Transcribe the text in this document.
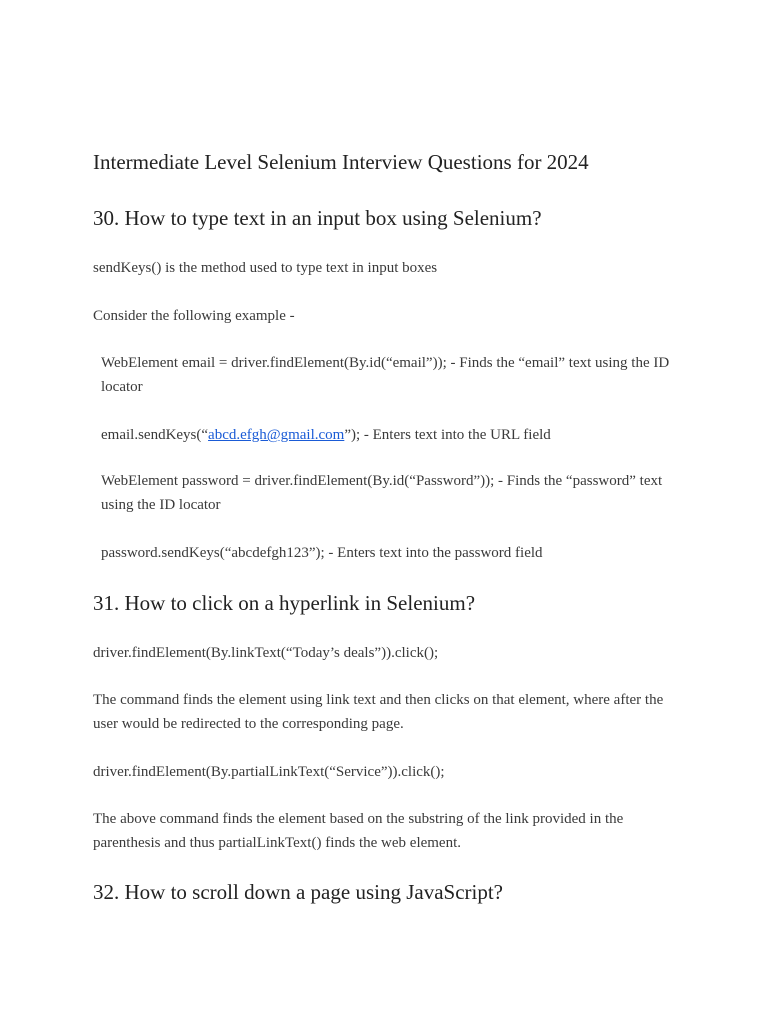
Intermediate Level Selenium Interview Questions for 2024
30. How to type text in an input box using Selenium?

sendKeys() is the method used to type text in input boxes

Consider the following example -

WebElement email = driver.findElement(By.id(“email”)); - Finds the “email” text using the ID locator

email.sendKeys(“abcd.efgh@gmail.com”); - Enters text into the URL field

WebElement password = driver.findElement(By.id(“Password”)); - Finds the “password” text using the ID locator

password.sendKeys(“abcdefgh123”); - Enters text into the password field

31. How to click on a hyperlink in Selenium?

driver.findElement(By.linkText(“Today’s deals”)).click();

The command finds the element using link text and then clicks on that element, where after the user would be redirected to the corresponding page.

driver.findElement(By.partialLinkText(“Service”)).click();

The above command finds the element based on the substring of the link provided in the parenthesis and thus partialLinkText() finds the web element.

32. How to scroll down a page using JavaScript?
